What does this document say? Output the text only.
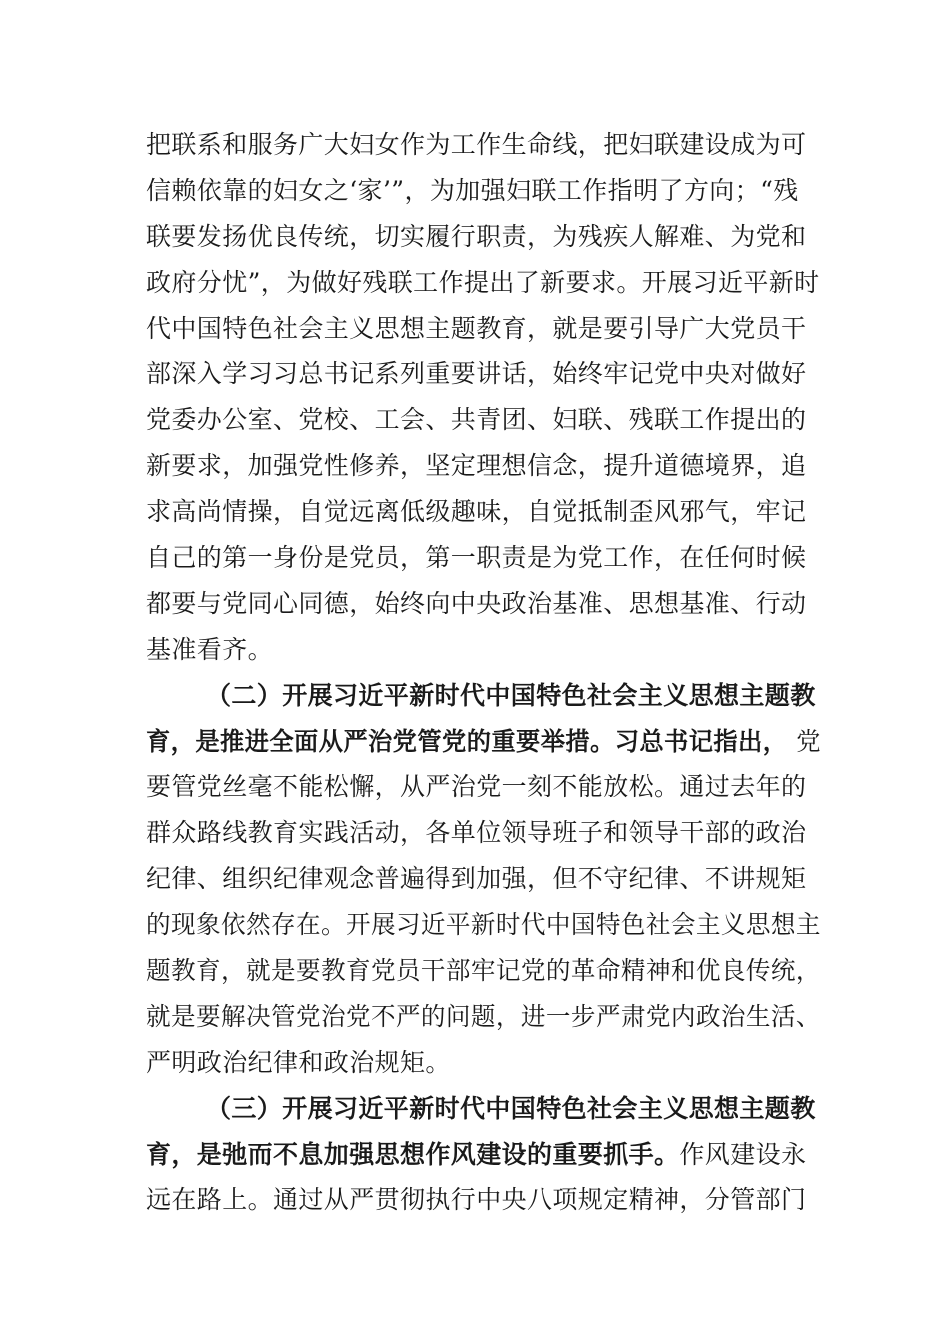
把联系和服务广大妇女作为工作生命线，把妇联建设成为可
信赖依靠的妇女之‘家’”，为加强妇联工作指明了方向；“残
联要发扬优良传统，切实履行职责，为残疾人解难、为党和
政府分忧”，为做好残联工作提出了新要求。开展习近平新时
代中国特色社会主义思想主题教育，就是要引导广大党员干
部深入学习习总书记系列重要讲话，始终牢记党中央对做好
党委办公室、党校、工会、共青团、妇联、残联工作提出的
新要求，加强党性修养，坚定理想信念，提升道德境界，追
求高尚情操，自觉远离低级趣味，自觉抵制歪风邪气，牢记
自己的第一身份是党员，第一职责是为党工作，在任何时候
都要与党同心同德，始终向中央政治基准、思想基准、行动
基准看齐。
（二）开展习近平新时代中国特色社会主义思想主题教
育，是推进全面从严治党管党的重要举措。习总书记指出， 党
要管党丝毫不能松懈，从严治党一刻不能放松。通过去年的
群众路线教育实践活动，各单位领导班子和领导干部的政治
纪律、组织纪律观念普遍得到加强，但不守纪律、不讲规矩
的现象依然存在。开展习近平新时代中国特色社会主义思想主
题教育，就是要教育党员干部牢记党的革命精神和优良传统，
就是要解决管党治党不严的问题，进一步严肃党内政治生活、
严明政治纪律和政治规矩。
（三）开展习近平新时代中国特色社会主义思想主题教
育，是弛而不息加强思想作风建设的重要抓手。作风建设永
远在路上。通过从严贯彻执行中央八项规定精神，分管部门
